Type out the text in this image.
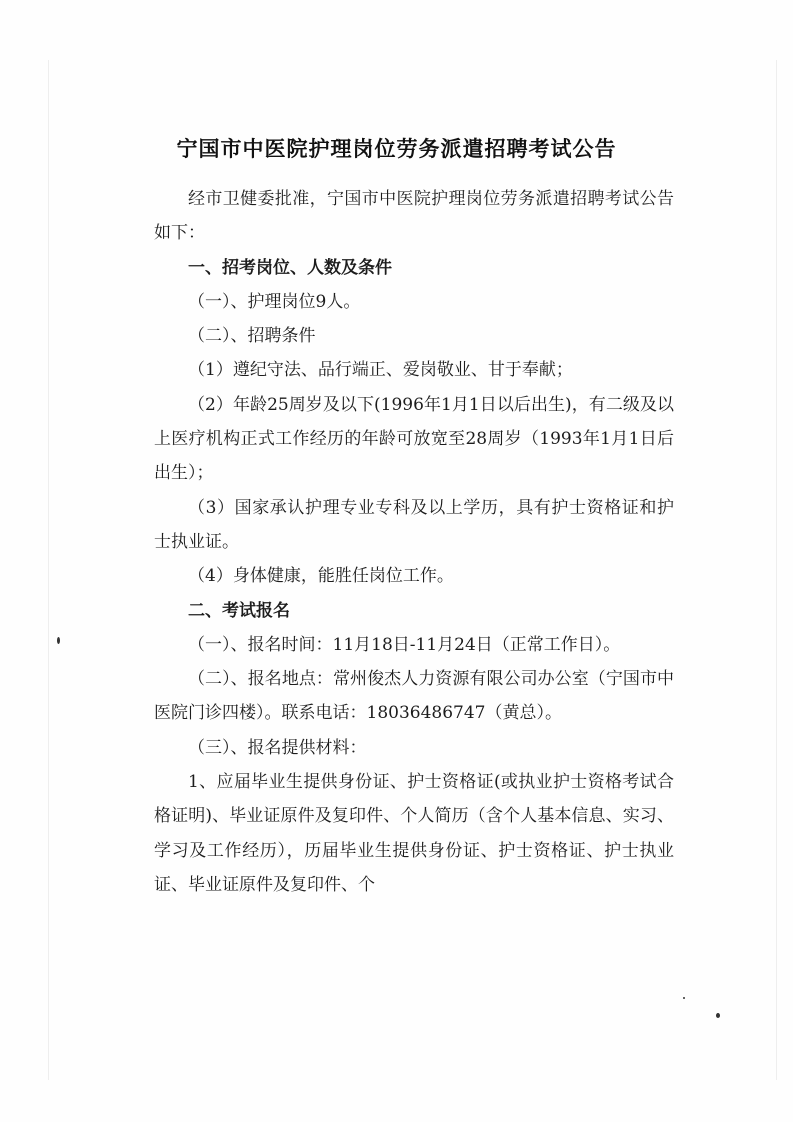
宁国市中医院护理岗位劳务派遣招聘考试公告

经市卫健委批准，宁国市中医院护理岗位劳务派遣招聘考试公告如下：

一、招考岗位、人数及条件

（一）、护理岗位9人。

（二）、招聘条件

（1）遵纪守法、品行端正、爱岗敬业、甘于奉献；

（2）年龄25周岁及以下(1996年1月1日以后出生)，有二级及以上医疗机构正式工作经历的年龄可放宽至28周岁（1993年1月1日后出生）；

（3）国家承认护理专业专科及以上学历，具有护士资格证和护士执业证。

（4）身体健康，能胜任岗位工作。

二、考试报名

（一）、报名时间：11月18日-11月24日（正常工作日）。

（二）、报名地点：常州俊杰人力资源有限公司办公室（宁国市中医院门诊四楼）。联系电话：18036486747（黄总）。

（三）、报名提供材料：

1、应届毕业生提供身份证、护士资格证(或执业护士资格考试合格证明)、毕业证原件及复印件、个人简历（含个人基本信息、实习、学习及工作经历），历届毕业生提供身份证、护士资格证、护士执业证、毕业证原件及复印件、个
